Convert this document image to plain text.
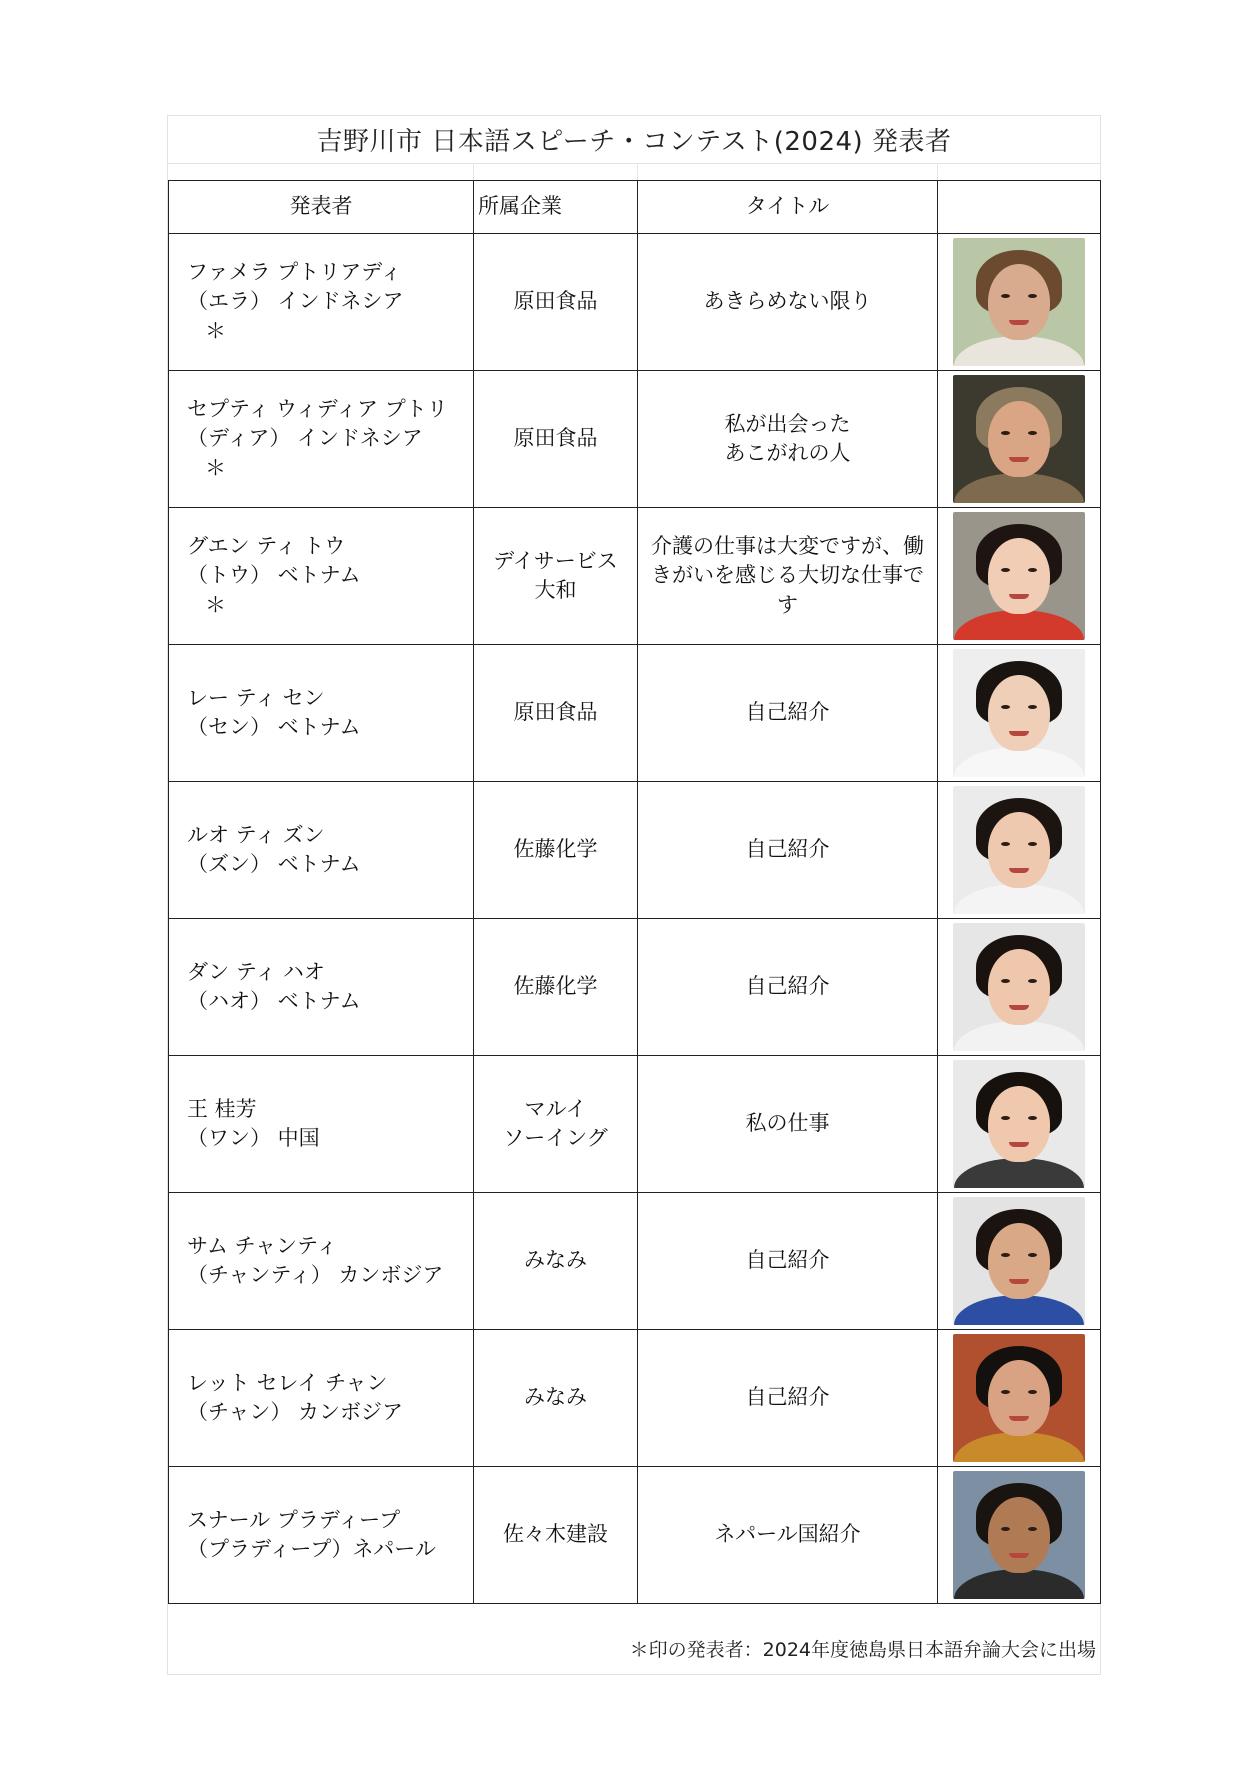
吉野川市 日本語スピーチ・コンテスト(2024) 発表者
発表者	所属企業	タイトル	

ファメラ プトリアディ
（エラ） インドネシア
＊	原田食品	あきらめない限り	

セプティ ウィディア プトリ
（ディア） インドネシア
＊	原田食品	私が出会った
あこがれの人	

グエン ティ トウ
（トウ） ベトナム
＊	デイサービス
大和	介護の仕事は大変ですが、働きがいを感じる大切な仕事です	

レー ティ セン
（セン） ベトナム	原田食品	自己紹介	

ルオ ティ ズン
（ズン） ベトナム	佐藤化学	自己紹介	

ダン ティ ハオ
（ハオ） ベトナム	佐藤化学	自己紹介	

王 桂芳
（ワン） 中国	マルイ
ソーイング	私の仕事	

サム チャンティ
（チャンティ） カンボジア	みなみ	自己紹介	

レット セレイ チャン
（チャン） カンボジア	みなみ	自己紹介	

スナール プラディープ
（プラディープ）ネパール	佐々木建設	ネパール国紹介	
＊印の発表者：2024年度徳島県日本語弁論大会に出場
